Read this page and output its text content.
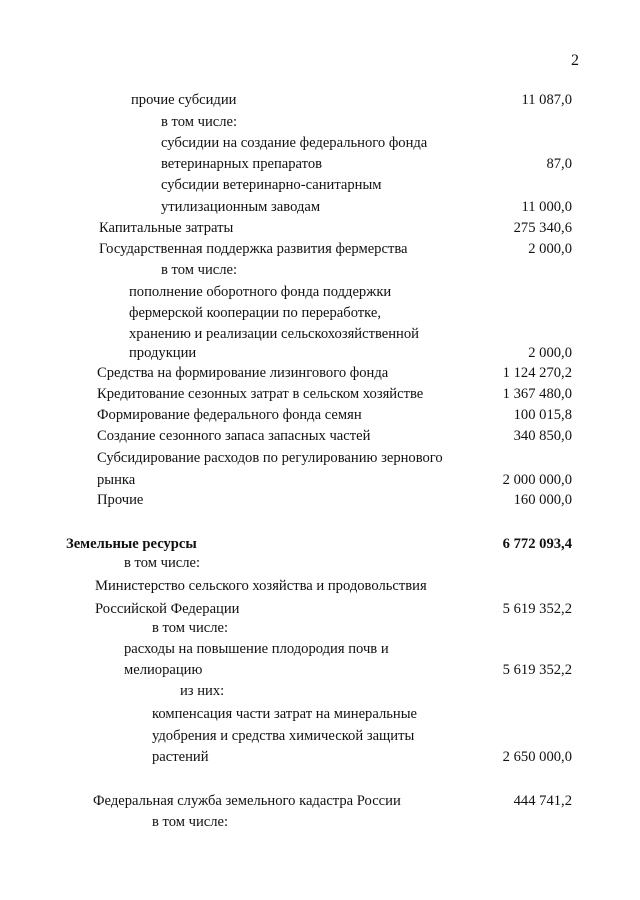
2
прочие субсидии	11 087,0
в том числе:
субсидии на создание федерального фонда
ветеринарных препаратов	87,0
субсидии ветеринарно-санитарным
утилизационным заводам	11 000,0
Капитальные затраты	275 340,6
Государственная поддержка развития фермерства	2 000,0
в том числе:
пополнение оборотного фонда поддержки
фермерской кооперации по переработке,
хранению и реализации сельскохозяйственной
продукции	2 000,0
Средства на формирование лизингового фонда	1 124 270,2
Кредитование сезонных затрат в сельском хозяйстве	1 367 480,0
Формирование федерального фонда семян	100 015,8
Создание сезонного запаса запасных частей	340 850,0
Субсидирование расходов по регулированию зернового
рынка	2 000 000,0
Прочие	160 000,0
Земельные ресурсы	6 772 093,4
в том числе:
Министерство сельского хозяйства и продовольствия
Российской Федерации	5 619 352,2
в том числе:
расходы на повышение плодородия почв и
мелиорацию	5 619 352,2
из них:
компенсация части затрат на минеральные
удобрения и средства химической защиты
растений	2 650 000,0
Федеральная служба земельного кадастра России	444 741,2
в том числе:
